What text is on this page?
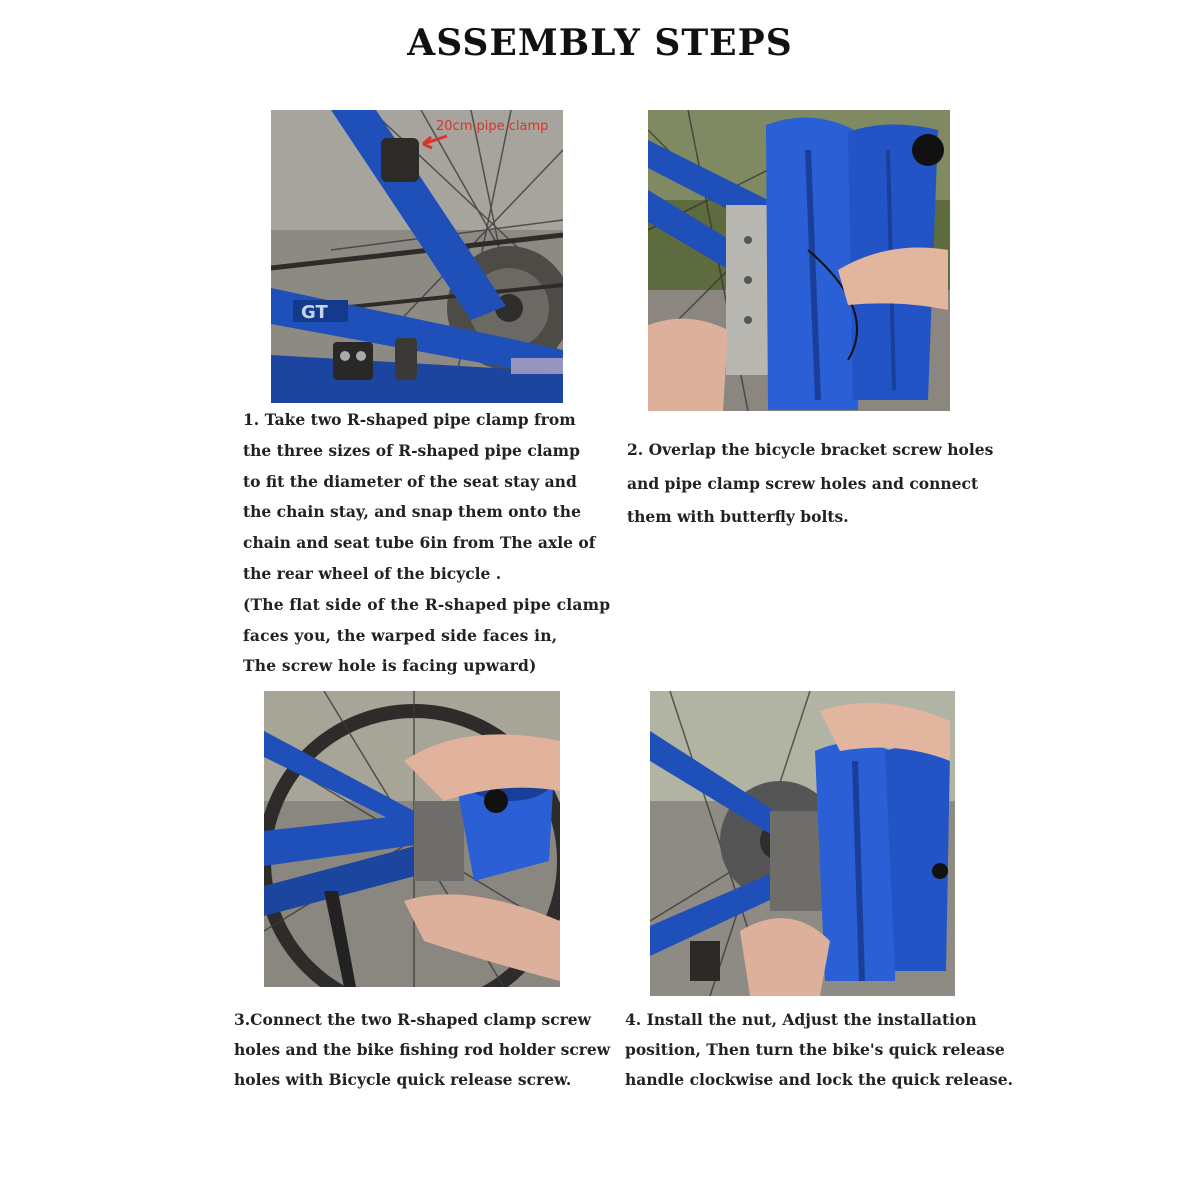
ASSEMBLY STEPS
GT
20cm pipe clamp
1. Take two R-shaped pipe clamp from
the three sizes of R-shaped pipe clamp
to fit the diameter of the seat stay and
the chain stay, and snap them onto the
chain and seat tube 6in from The axle of
the rear wheel of the bicycle .
(The flat side of the R-shaped pipe clamp
faces you, the warped side faces in,
The screw hole is facing upward)
2. Overlap the bicycle bracket screw holes
and pipe clamp screw holes and connect
them with butterfly bolts.
3.Connect the two R-shaped clamp screw
holes and the bike fishing rod holder screw
holes with Bicycle quick release screw.
4. Install the nut, Adjust the installation
position, Then turn the bike's quick release
handle clockwise and lock the quick release.
